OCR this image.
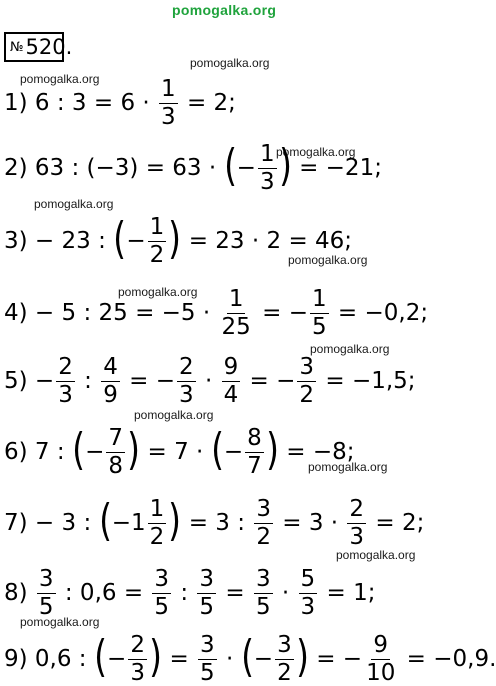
pomogalka.org
pomogalka.org
pomogalka.org
pomogalka.org
pomogalka.org
pomogalka.org
pomogalka.org
pomogalka.org
pomogalka.org
pomogalka.org
pomogalka.org
pomogalka.org
№520.
1) 6 : $3 = 6 \cdot \frac{1}{3} = 2$;
2) 63 : (−3) = 63 · ( − $\frac{1}{3}$ ) = −21;
3) − 23 : ( − $\frac{1}{2}$ ) = 23 · 2 = 46;
4) − 5 : $25 = -5 \cdot \frac{1}{25}$ = − $\frac{1}{5} = -0,2$;
$5) - \frac{2}{3}$ : $\frac{4}{9}$ = − $\frac{2}{3} \cdot \frac{9}{4}$ = − $\frac{3}{2} = -1,5$;
6) 7 : ( − $\frac{7}{8}$ ) = 7 · ( − $\frac{8}{7}$ ) = −8;
7) − 3 : ( $-1 \frac{1}{2}$ ) = 3 : $\frac{3}{2} = 3 \cdot \frac{2}{3} = 2$;
$8) \frac{3}{5}$ : $0,6 = \frac{3}{5}$ : $\frac{3}{5} = \frac{3}{5} \cdot \frac{5}{3} = 1$;
9) 0,6 : ( − $\frac{2}{3}$ ) = $\frac{3}{5}$ · ( − $\frac{3}{2}$ ) = − $\frac{9}{10} = -0,9$.
